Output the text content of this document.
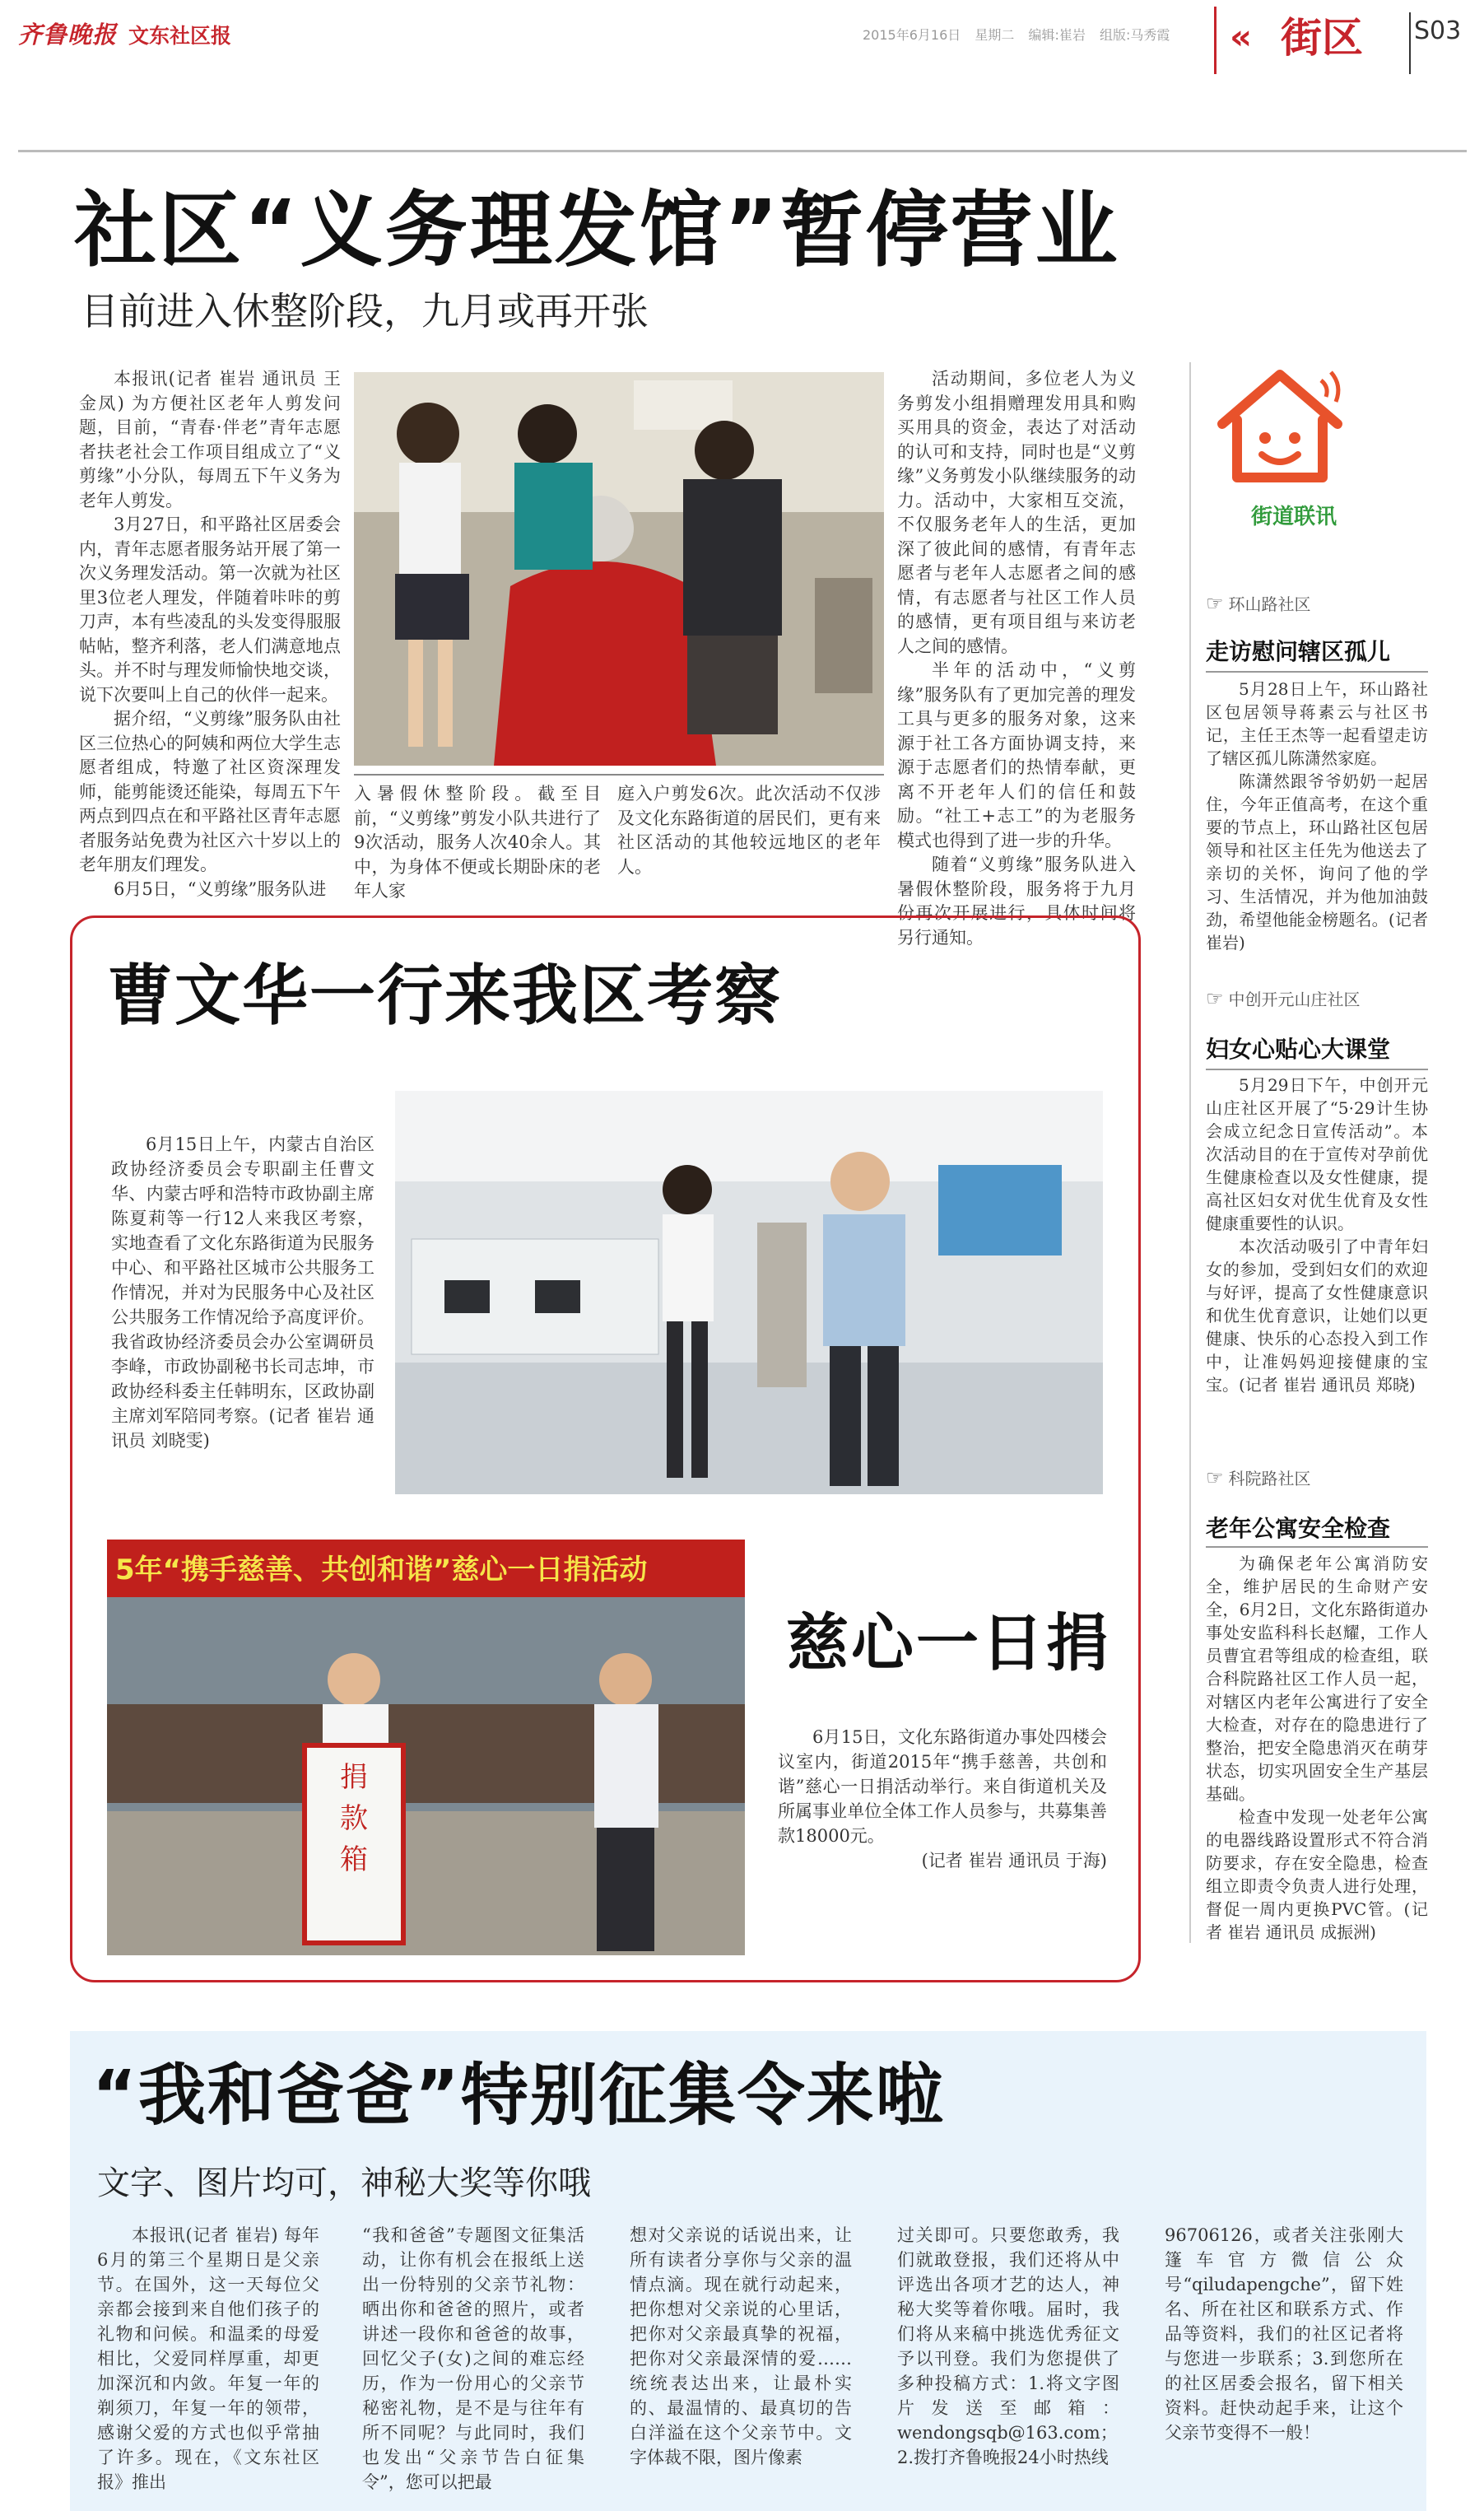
齐鲁晚报 文东社区报	2015年6月16日 星期二 编辑:崔岩 组版:马秀霞 « 街区 S03
社区“义务理发馆”暂停营业
目前进入休整阶段，九月或再开张

本报讯(记者 崔岩 通讯员 王金凤) 为方便社区老年人剪发问题，目前，“青春·伴老”青年志愿者扶老社会工作项目组成立了“义剪缘”小分队，每周五下午义务为老年人剪发。

3月27日，和平路社区居委会内，青年志愿者服务站开展了第一次义务理发活动。第一次就为社区里3位老人理发，伴随着咔咔的剪刀声，本有些凌乱的头发变得服服帖帖，整齐利落，老人们满意地点头。并不时与理发师愉快地交谈，说下次要叫上自己的伙伴一起来。

据介绍，“义剪缘”服务队由社区三位热心的阿姨和两位大学生志愿者组成，特邀了社区资深理发师，能剪能烫还能染，每周五下午两点到四点在和平路社区青年志愿者服务站免费为社区六十岁以上的老年朋友们理发。

6月5日，“义剪缘”服务队进

入暑假休整阶段。截至目前，“义剪缘”剪发小队共进行了9次活动，服务人次40余人。其中，为身体不便或长期卧床的老年人家

庭入户剪发6次。此次活动不仅涉及文化东路街道的居民们，更有来社区活动的其他较远地区的老年人。

活动期间，多位老人为义务剪发小组捐赠理发用具和购买用具的资金，表达了对活动的认可和支持，同时也是“义剪缘”义务剪发小队继续服务的动力。活动中，大家相互交流，不仅服务老年人的生活，更加深了彼此间的感情，有青年志愿者与老年人志愿者之间的感情，有志愿者与社区工作人员的感情，更有项目组与来访老人之间的感情。

半年的活动中，“义剪缘”服务队有了更加完善的理发工具与更多的服务对象，这来源于社工各方面协调支持，来源于志愿者们的热情奉献，更离不开老年人们的信任和鼓励。“社工+志工”的为老服务模式也得到了进一步的升华。

随着“义剪缘”服务队进入暑假休整阶段，服务将于九月份再次开展进行，具体时间将另行通知。

街道联讯
☞ 环山路社区
走访慰问辖区孤儿

5月28日上午，环山路社区包居领导蒋素云与社区书记，主任王杰等一起看望走访了辖区孤儿陈潇然家庭。

陈潇然跟爷爷奶奶一起居住，今年正值高考，在这个重要的节点上，环山路社区包居领导和社区主任先为他送去了亲切的关怀，询问了他的学习、生活情况，并为他加油鼓劲，希望他能金榜题名。(记者 崔岩)

☞ 中创开元山庄社区
妇女心贴心大课堂

5月29日下午，中创开元山庄社区开展了“5·29计生协会成立纪念日宣传活动”。本次活动目的在于宣传对孕前优生健康检查以及女性健康，提高社区妇女对优生优育及女性健康重要性的认识。

本次活动吸引了中青年妇女的参加，受到妇女们的欢迎与好评，提高了女性健康意识和优生优育意识，让她们以更健康、快乐的心态投入到工作中，让准妈妈迎接健康的宝宝。(记者 崔岩 通讯员 郑晓)

☞ 科院路社区
老年公寓安全检查

为确保老年公寓消防安全，维护居民的生命财产安全，6月2日，文化东路街道办事处安监科科长赵耀，工作人员曹宜君等组成的检查组，联合科院路社区工作人员一起，对辖区内老年公寓进行了安全大检查，对存在的隐患进行了整治，把安全隐患消灭在萌芽状态，切实巩固安全生产基层基础。

检查中发现一处老年公寓的电器线路设置形式不符合消防要求，存在安全隐患，检查组立即责令负责人进行处理，督促一周内更换PVC管。(记者 崔岩 通讯员 成振洲)

曹文华一行来我区考察

6月15日上午，内蒙古自治区政协经济委员会专职副主任曹文华、内蒙古呼和浩特市政协副主席陈夏莉等一行12人来我区考察，实地查看了文化东路街道为民服务中心、和平路社区城市公共服务工作情况，并对为民服务中心及社区公共服务工作情况给予高度评价。我省政协经济委员会办公室调研员李峰，市政协副秘书长司志坤，市政协经科委主任韩明东，区政协副主席刘军陪同考察。(记者 崔岩 通讯员 刘晓雯)

5年“携手慈善、共创和谐”慈心一日捐活动
捐款箱
慈心一日捐

6月15日，文化东路街道办事处四楼会议室内，街道2015年“携手慈善，共创和谐”慈心一日捐活动举行。来自街道机关及所属事业单位全体工作人员参与，共募集善款18000元。

(记者 崔岩 通讯员 于海)

“我和爸爸”特别征集令来啦
文字、图片均可，神秘大奖等你哦

本报讯(记者 崔岩) 每年6月的第三个星期日是父亲节。在国外，这一天每位父亲都会接到来自他们孩子的礼物和问候。和温柔的母爱相比，父爱同样厚重，却更加深沉和内敛。年复一年的剃须刀，年复一年的领带，感谢父爱的方式也似乎常抽了许多。现在，《文东社区报》推出

“我和爸爸”专题图文征集活动，让你有机会在报纸上送出一份特别的父亲节礼物：晒出你和爸爸的照片，或者讲述一段你和爸爸的故事，回忆父子(女)之间的难忘经历，作为一份用心的父亲节秘密礼物，是不是与往年有所不同呢？与此同时，我们也发出“父亲节告白征集令”，您可以把最

想对父亲说的话说出来，让所有读者分享你与父亲的温情点滴。现在就行动起来，把你想对父亲说的心里话，把你对父亲最真挚的祝福，把你对父亲最深情的爱……统统表达出来，让最朴实的、最温情的、最真切的告白洋溢在这个父亲节中。文字体裁不限，图片像素

过关即可。只要您敢秀，我们就敢登报，我们还将从中评选出各项才艺的达人，神秘大奖等着你哦。届时，我们将从来稿中挑选优秀征文予以刊登。我们为您提供了多种投稿方式：1.将文字图片发送至邮箱：wendongsqb@163.com；2.拨打齐鲁晚报24小时热线

96706126，或者关注张刚大篷车官方微信公众号“qiludapengche”，留下姓名、所在社区和联系方式、作品等资料，我们的社区记者将与您进一步联系；3.到您所在的社区居委会报名，留下相关资料。赶快动起手来，让这个父亲节变得不一般！
